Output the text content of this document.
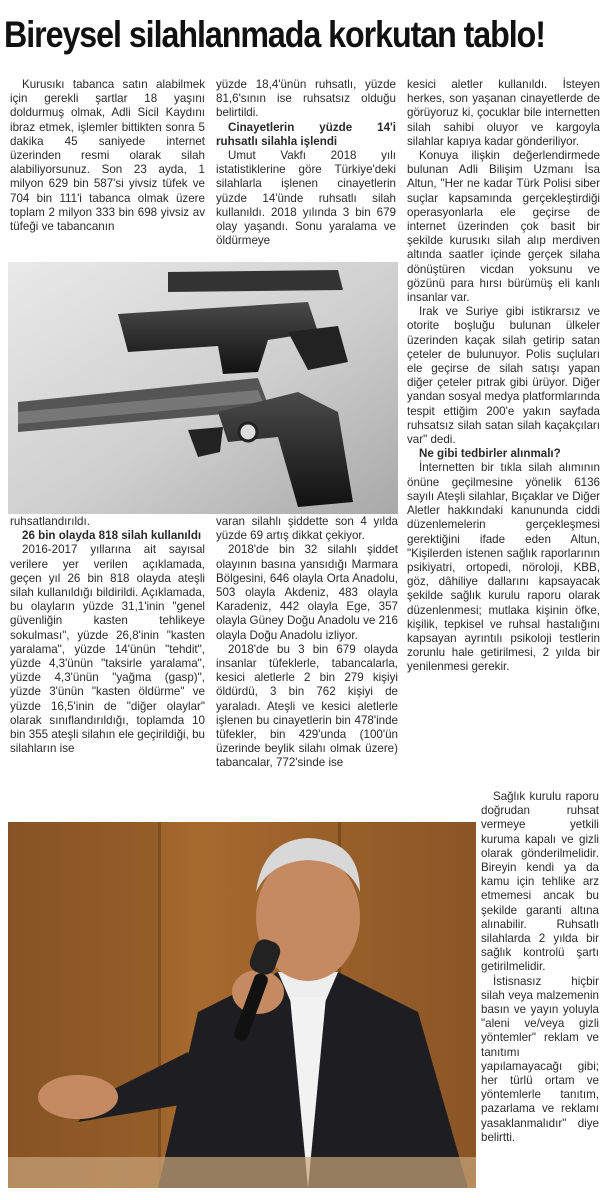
Bireysel silahlanmada korkutan tablo!

Kurusıkı tabanca satın alabilmek için gerekli şartlar 18 yaşını doldurmuş olmak, Adli Sicil Kaydını ibraz etmek, işlemler bittikten sonra 5 dakika 45 saniyede internet üzerinden resmi olarak silah alabiliyorsunuz. Son 23 ayda, 1 milyon 629 bin 587'si yivsiz tüfek ve 704 bin 111'i tabanca olmak üzere toplam 2 milyon 333 bin 698 yivsiz av tüfeği ve tabancanın

yüzde 18,4'ünün ruhsatlı, yüzde 81,6'sının ise ruhsatsız olduğu belirtildi.

Cinayetlerin yüzde 14'i ruhsatlı silahla işlendi

Umut Vakfı 2018 yılı istatistiklerine göre Türkiye'deki silahlarla işlenen cinayetlerin yüzde 14'ünde ruhsatlı silah kullanıldı. 2018 yılında 3 bin 679 olay yaşandı. Sonu yaralama ve öldürmeye

ruhsatlandırıldı.

26 bin olayda 818 silah kullanıldı

2016-2017 yıllarına ait sayısal verilere yer verilen açıklamada, geçen yıl 26 bin 818 olayda ateşli silah kullanıldığı bildirildi. Açıklamada, bu olayların yüzde 31,1'inin "genel güvenliğin kasten tehlikeye sokulması", yüzde 26,8'inin "kasten yaralama", yüzde 14'ünün "tehdit", yüzde 4,3'ünün "taksirle yaralama", yüzde 4,3'ünün "yağma (gasp)", yüzde 3'ünün "kasten öldürme" ve yüzde 16,5'inin de "diğer olaylar" olarak sınıflandırıldığı, toplamda 10 bin 355 ateşli silahın ele geçirildiği, bu silahların ise

varan silahlı şiddette son 4 yılda yüzde 69 artış dikkat çekiyor.

2018'de bin 32 silahlı şiddet olayının basına yansıdığı Marmara Bölgesini, 646 olayla Orta Anadolu, 503 olayla Akdeniz, 483 olayla Karadeniz, 442 olayla Ege, 357 olayla Güney Doğu Anadolu ve 216 olayla Doğu Anadolu izliyor.

2018'de bu 3 bin 679 olayda insanlar tüfeklerle, tabancalarla, kesici aletlerle 2 bin 279 kişiyi öldürdü, 3 bin 762 kişiyi de yaraladı. Ateşli ve kesici aletlerle işlenen bu cinayetlerin bin 478'inde tüfekler, bin 429'unda (100'ün üzerinde beylik silahı olmak üzere) tabancalar, 772'sinde ise

kesici aletler kullanıldı. İsteyen herkes, son yaşanan cinayetlerde de görüyoruz ki, çocuklar bile internetten silah sahibi oluyor ve kargoyla silahlar kapıya kadar gönderiliyor.

Konuya ilişkin değerlendirmede bulunan Adli Bilişim Uzmanı İsa Altun, "Her ne kadar Türk Polisi siber suçlar kapsamında gerçekleştirdiği operasyonlarla ele geçirse de internet üzerinden çok basit bir şekilde kurusıkı silah alıp merdiven altında saatler içinde gerçek silaha dönüştüren vicdan yoksunu ve gözünü para hırsı bürümüş eli kanlı insanlar var.

Irak ve Suriye gibi istikrarsız ve otorite boşluğu bulunan ülkeler üzerinden kaçak silah getirip satan çeteler de bulunuyor. Polis suçluları ele geçirse de silah satışı yapan diğer çeteler pıtrak gibi ürüyor. Diğer yandan sosyal medya platformlarında tespit ettiğim 200'e yakın sayfada ruhsatsız silah satan silah kaçakçıları var" dedi.

Ne gibi tedbirler alınmalı?

İnternetten bir tıkla silah alımının önüne geçilmesine yönelik 6136 sayılı Ateşli silahlar, Bıçaklar ve Diğer Aletler hakkındaki kanununda ciddi düzenlemelerin gerçekleşmesi gerektiğini ifade eden Altun, "Kişilerden istenen sağlık raporlarının psikiyatri, ortopedi, nöroloji, KBB, göz, dâhiliye dallarını kapsayacak şekilde sağlık kurulu raporu olarak düzenlenmesi; mutlaka kişinin öfke, kişilik, tepkisel ve ruhsal hastalığını kapsayan ayrıntılı psikoloji testlerin zorunlu hale getirilmesi, 2 yılda bir yenilenmesi gerekir.

Sağlık kurulu raporu doğrudan ruhsat vermeye yetkili kuruma kapalı ve gizli olarak gönderilmelidir. Bireyin kendi ya da kamu için tehlike arz etmemesi ancak bu şekilde garanti altına alınabilir. Ruhsatlı silahlarda 2 yılda bir sağlık kontrolü şartı getirilmelidir.

İstisnasız hiçbir silah veya malzemenin basın ve yayın yoluyla "aleni ve/veya gizli yöntemler" reklam ve tanıtımı yapılamayacağı gibi; her türlü ortam ve yöntemlerle tanıtım, pazarlama ve reklamı yasaklanmalıdır" diye belirtti.
